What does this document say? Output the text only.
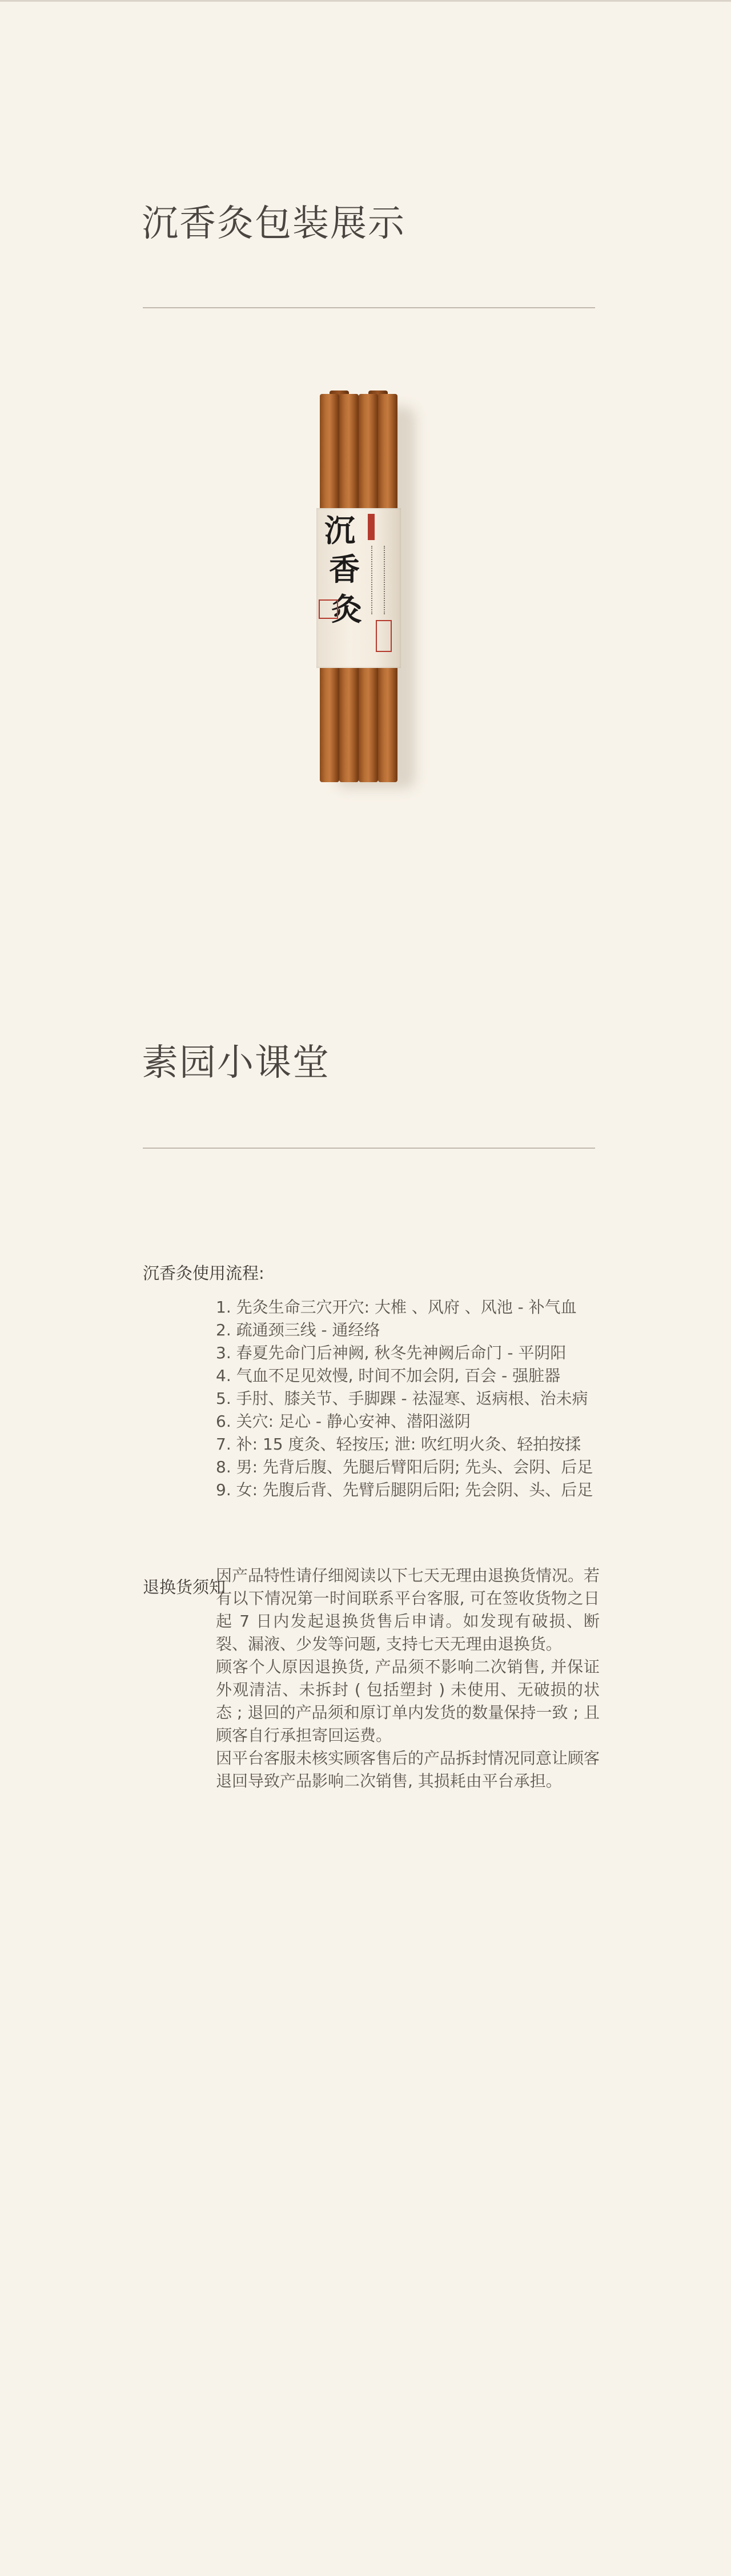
沉香灸包装展示
沉
香
灸
素园小课堂
沉香灸使用流程:
1. 先灸生命三穴开穴: 大椎 、风府 、风池 - 补气血
2. 疏通颈三线 - 通经络
3. 春夏先命门后神阙, 秋冬先神阙后命门 - 平阴阳
4. 气血不足见效慢, 时间不加会阴, 百会 - 强脏器
5. 手肘、膝关节、手脚踝 - 祛湿寒、返病根、治未病
6. 关穴: 足心 - 静心安神、潜阳滋阴
7. 补: 15 度灸、轻按压; 泄: 吹红明火灸、轻拍按揉
8. 男: 先背后腹、先腿后臂阳后阴; 先头、会阴、后足
9. 女: 先腹后背、先臂后腿阴后阳; 先会阴、头、后足
退换货须知

因产品特性请仔细阅读以下七天无理由退换货情况。若有以下情况第一时间联系平台客服, 可在签收货物之日起 7 日内发起退换货售后申请。如发现有破损、断裂、漏液、少发等问题, 支持七天无理由退换货。

顾客个人原因退换货, 产品须不影响二次销售, 并保证外观清洁、未拆封 ( 包括塑封 ) 未使用、无破损的状态 ; 退回的产品须和原订单内发货的数量保持一致 ; 且顾客自行承担寄回运费。

因平台客服未核实顾客售后的产品拆封情况同意让顾客退回导致产品影响二次销售, 其损耗由平台承担。
